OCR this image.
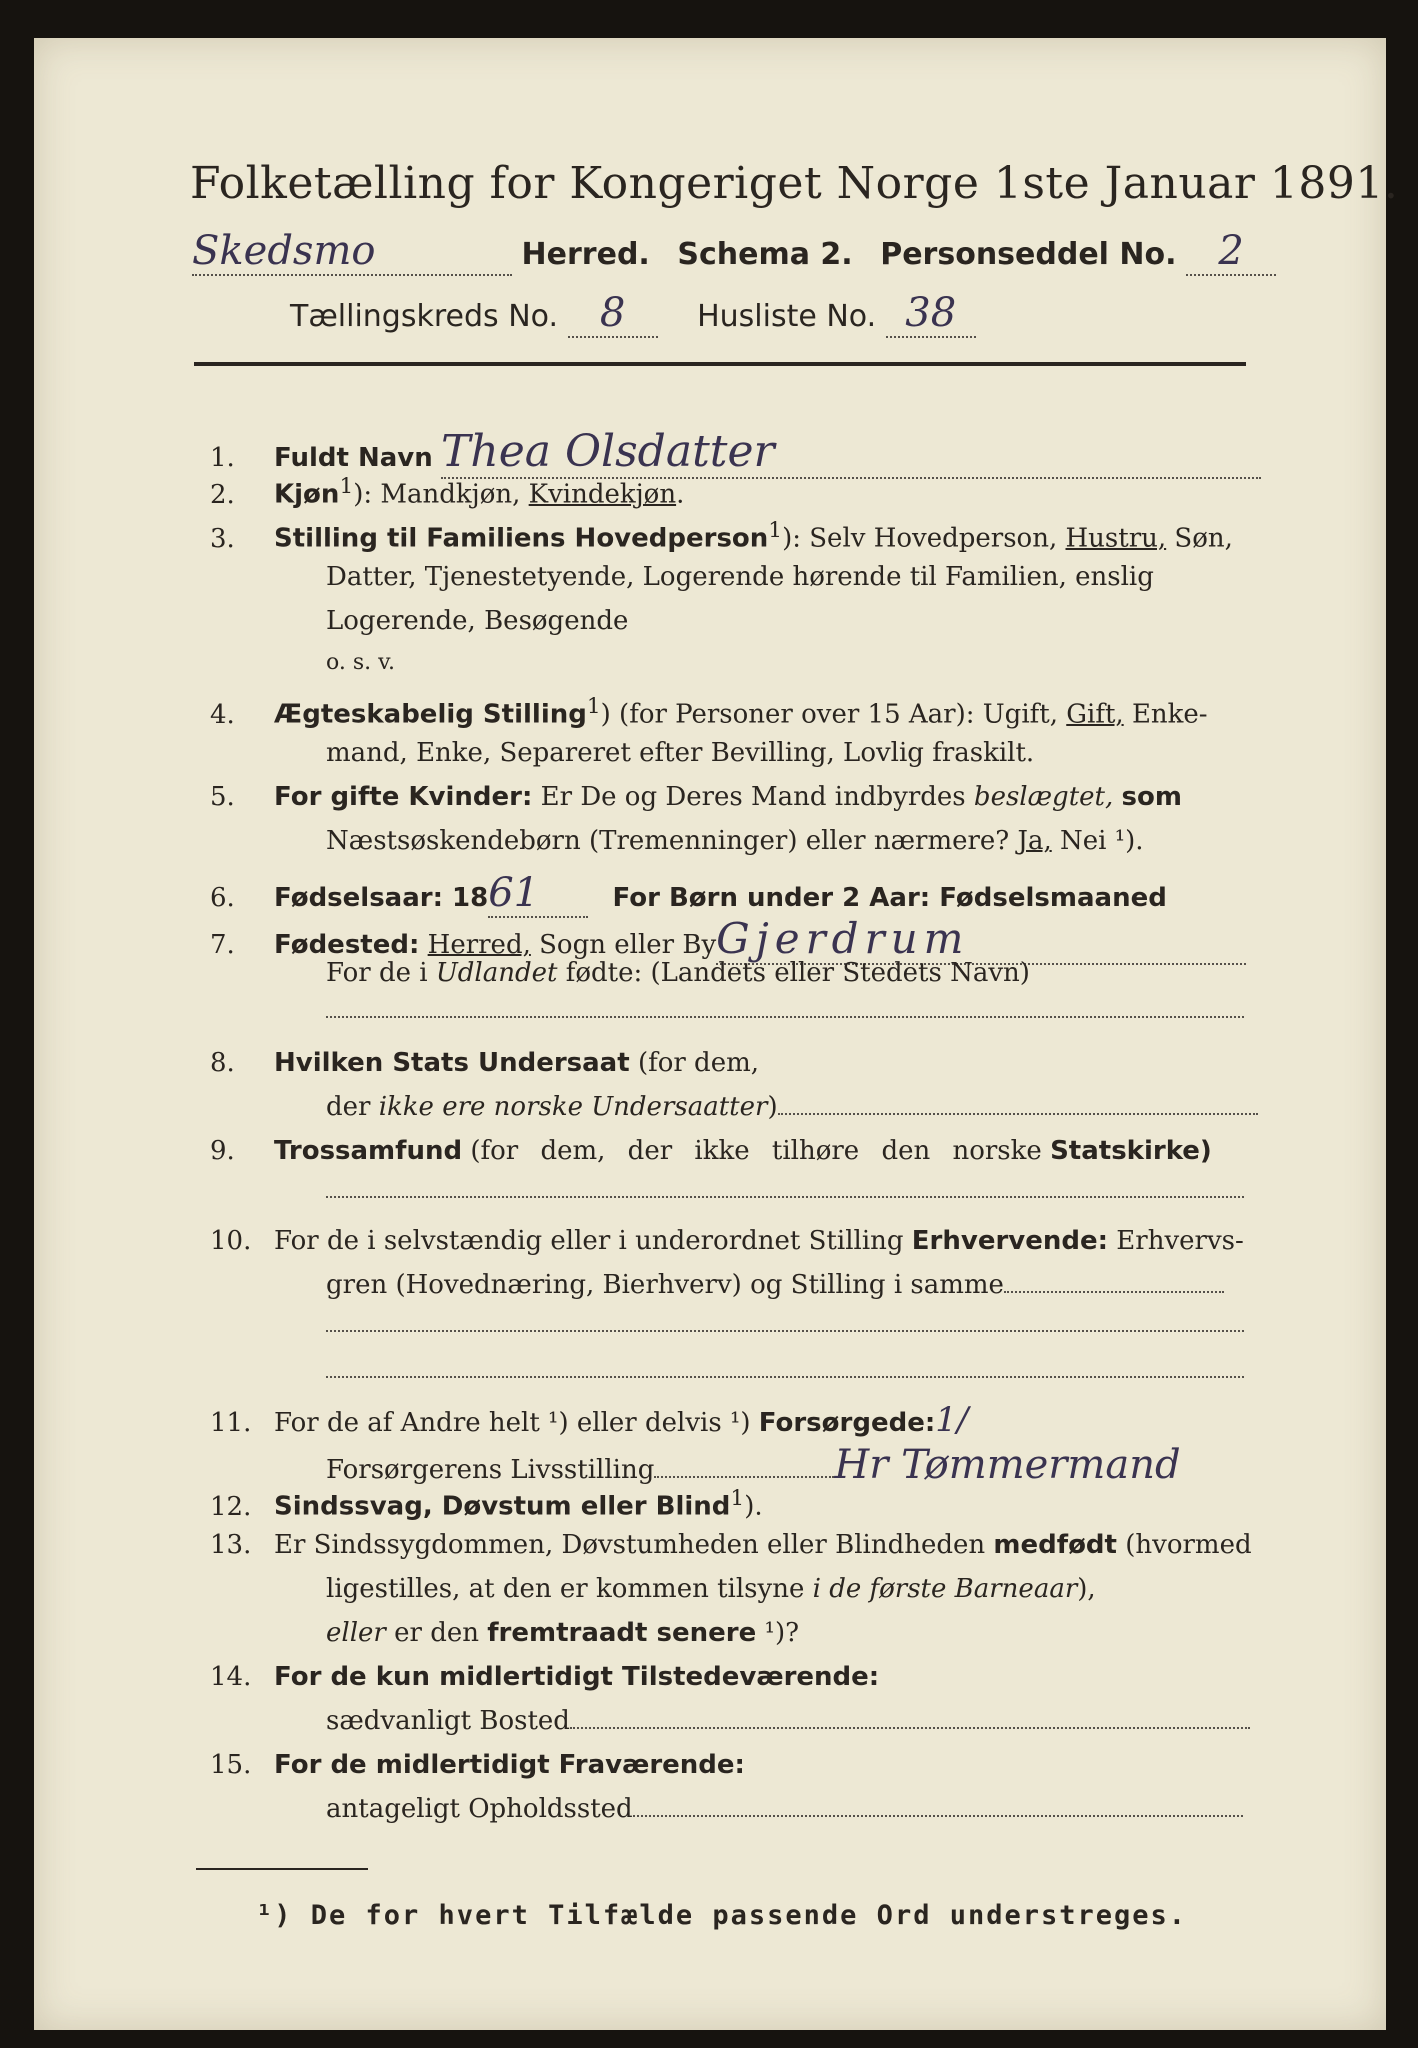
Folketælling for Kongeriget Norge 1ste Januar 1891.
Skedsmo	Herred. Schema 2. Personseddel No. 2
Tællingskreds No. 8 Husliste No. 38
1. Fuldt Navn Thea Olsdatter
2. Kjøn$^1$): Mandkjøn, Kvindekjøn.
3. Stilling til Familiens Hovedperson$^1$): Selv Hovedperson, Hustru, Søn,
Datter, Tjenestetyende, Logerende hørende til Familien, enslig
Logerende, Besøgende
o. s. v.
4. Ægteskabelig Stilling$^1$) (for Personer over 15 Aar): Ugift, Gift, Enke-
mand, Enke, Separeret efter Bevilling, Lovlig fraskilt.
5. For gifte Kvinder: Er De og Deres Mand indbyrdes beslægtet, som
Næstsøskendebørn (Tremenninger) eller nærmere? Ja, Nei ¹).
6. Fødselsaar: 1861	For Børn under 2 Aar: Fødselsmaaned
7. Fødested: Herred, Sogn eller ByGjerdrum
For de i Udlandet fødte: (Landets eller Stedets Navn)
8. Hvilken Stats Undersaat (for dem,
der ikke ere norske Undersaatter)
9. Trossamfund (for dem, der ikke tilhøre den norske Statskirke)
10. For de i selvstændig eller i underordnet Stilling Erhvervende: Erhvervs-
gren (Hovednæring, Bierhverv) og Stilling i samme
11. For de af Andre helt ¹) eller delvis ¹) Forsørgede:1/
Forsørgerens Livsstilling	Hr Tømmermand
12. Sindssvag, Døvstum eller Blind$^1$).
13. Er Sindssygdommen, Døvstumheden eller Blindheden medfødt (hvormed
ligestilles, at den er kommen tilsyne i de første Barneaar),
eller er den fremtraadt senere ¹)?
14. For de kun midlertidigt Tilstedeværende:
sædvanligt Bosted
15. For de midlertidigt Fraværende:
antageligt Opholdssted
¹) De for hvert Tilfælde passende Ord understreges.
